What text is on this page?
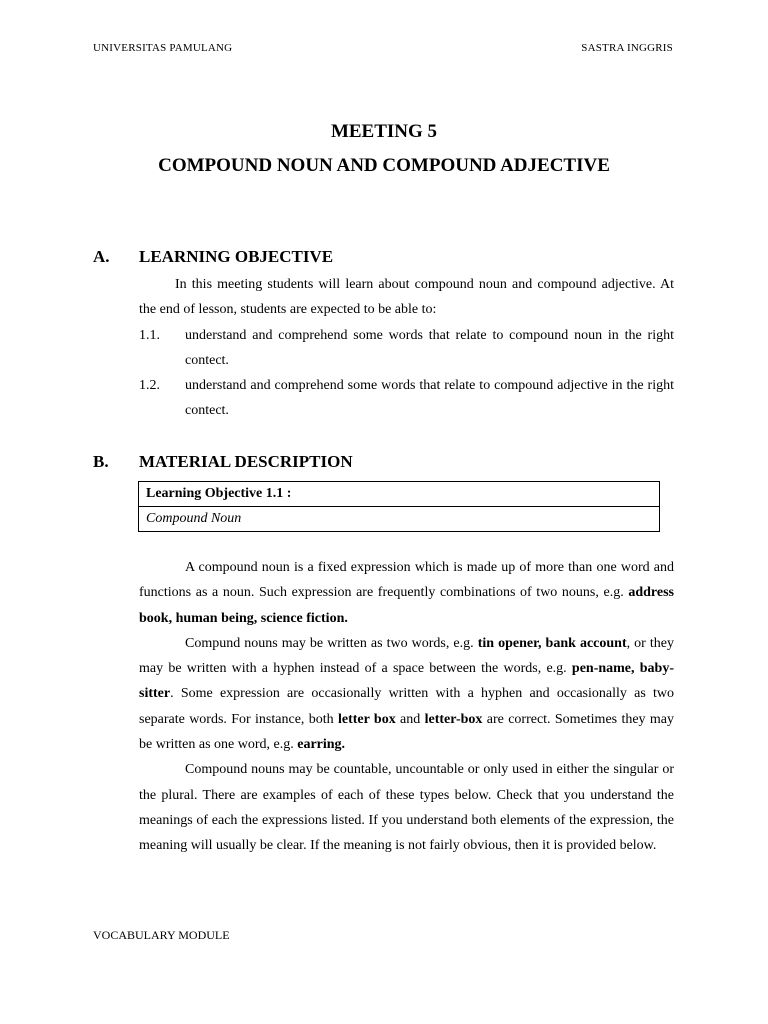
UNIVERSITAS PAMULANG	SASTRA INGGRIS
MEETING 5
COMPOUND NOUN AND COMPOUND ADJECTIVE
A. LEARNING OBJECTIVE

In this meeting students will learn about compound noun and compound adjective. At the end of lesson, students are expected to be able to:

1.1. understand and comprehend some words that relate to compound noun in the right contect.
1.2. understand and comprehend some words that relate to compound adjective in the right contect.
B. MATERIAL DESCRIPTION
Learning Objective 1.1 :
Compound Noun

A compound noun is a fixed expression which is made up of more than one word and functions as a noun. Such expression are frequently combinations of two nouns, e.g. address book, human being, science fiction.

Compund nouns may be written as two words, e.g. tin opener, bank account, or they may be written with a hyphen instead of a space between the words, e.g. pen-name, baby-sitter. Some expression are occasionally written with a hyphen and occasionally as two separate words. For instance, both letter box and letter-box are correct. Sometimes they may be written as one word, e.g. earring.

Compound nouns may be countable, uncountable or only used in either the singular or the plural. There are examples of each of these types below. Check that you understand the meanings of each the expressions listed. If you understand both elements of the expression, the meaning will usually be clear. If the meaning is not fairly obvious, then it is provided below.

VOCABULARY MODULE
